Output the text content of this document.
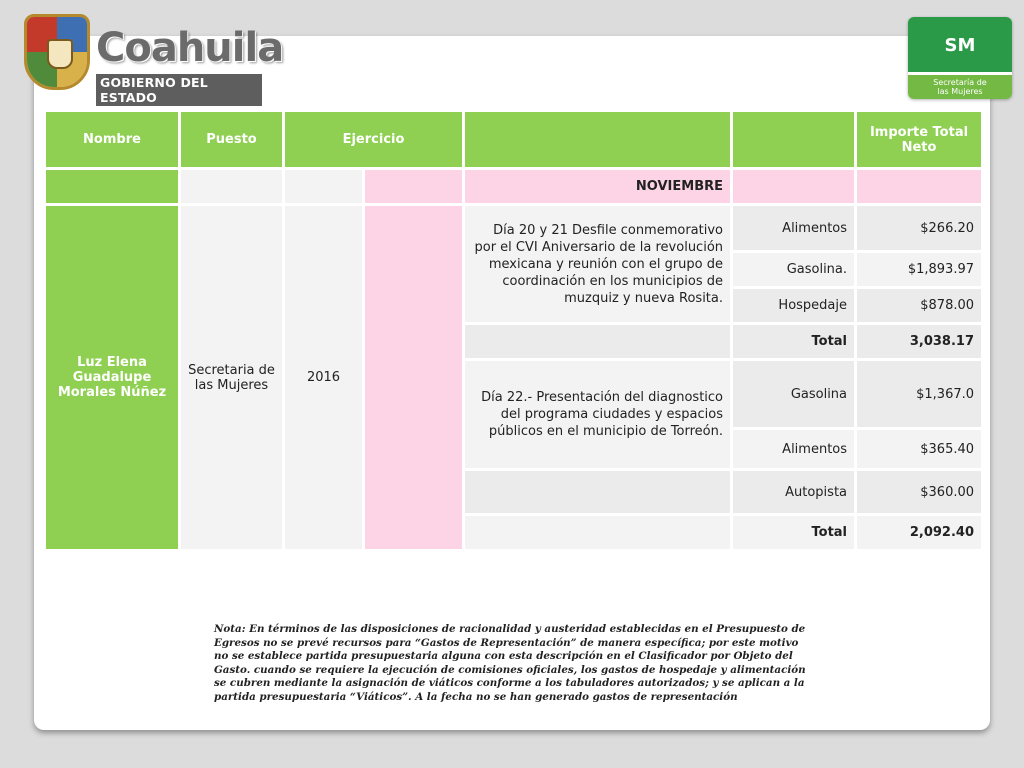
Coahuila
GOBIERNO DEL ESTADO
SM
Secretaría de
las Mujeres
Nombre	Puesto	Ejercicio				Importe Total Neto
				NOVIEMBRE		
Luz Elena Guadalupe Morales Núñez	Secretaria de las Mujeres	2016		Día 20 y 21 Desfile conmemorativo por el CVI Aniversario de la revolución mexicana y reunión con el grupo de coordinación en los municipios de muzquiz y nueva Rosita.	Alimentos	$266.20
					Gasolina.	$1,893.97
					Hospedaje	$878.00
					Total	3,038.17
				Día 22.- Presentación del diagnostico del programa ciudades y espacios públicos en el municipio de Torreón.	Gasolina	$1,367.0
					Alimentos	$365.40
					Autopista	$360.00
					Total	2,092.40
Nota: En términos de las disposiciones de racionalidad y austeridad establecidas en el Presupuesto de Egresos no se prevé recursos para “Gastos de Representación” de manera específica; por este motivo no se establece partida presupuestaria alguna con esta descripción en el Clasificador por Objeto del Gasto. cuando se requiere la ejecución de comisiones oficiales, los gastos de hospedaje y alimentación se cubren mediante la asignación de viáticos conforme a los tabuladores autorizados; y se aplican a la partida presupuestaria “Viáticos”. A la fecha no se han generado gastos de representación
